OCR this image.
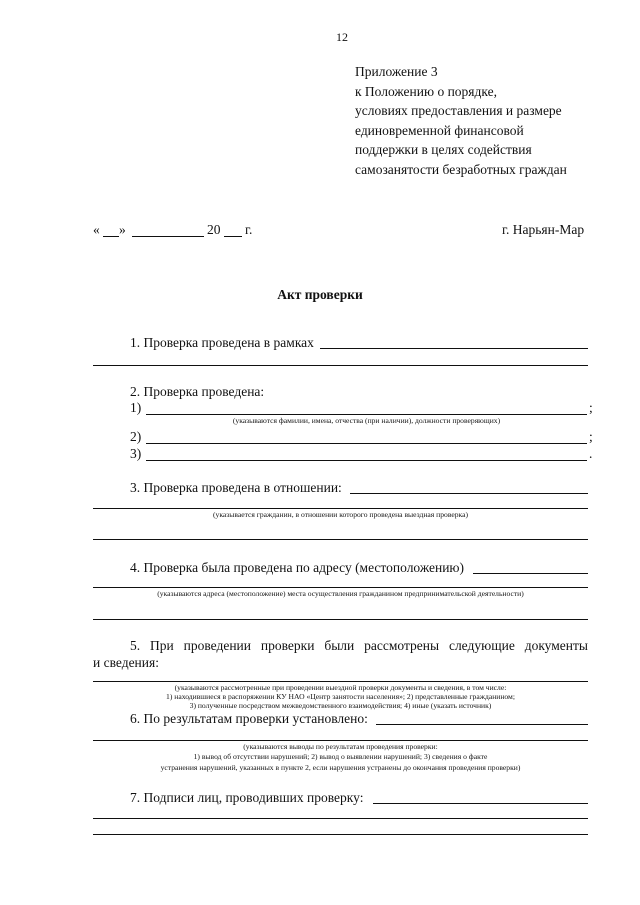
12
Приложение 3
к Положению о порядке,
условиях предоставления и размере
единовременной финансовой
поддержки в целях содействия
самозанятости безработных граждан
« »	20 г.	г. Нарьян-Мар
Акт проверки
1. Проверка проведена в рамках
2. Проверка проведена:
1)	;
(указываются фамилии, имена, отчества (при наличии), должности проверяющих)
2)	;
3)	.
3. Проверка проведена в отношении:
(указывается гражданин, в отношении которого проведена выездная проверка)
4. Проверка была проведена по адресу (местоположению)
(указываются адреса (местоположение) места осуществления гражданином предпринимательской деятельности)
5. При проведении проверки были рассмотрены следующие документы
и сведения:
(указываются рассмотренные при проведении выездной проверки документы и сведения, в том числе:
1) находившиеся в распоряжении КУ НАО «Центр занятости населения»; 2) представленные гражданином;
3) полученные посредством межведомственного взаимодействия; 4) иные (указать источник)
6. По результатам проверки установлено:
(указываются выводы по результатам проведения проверки:
1) вывод об отсутствии нарушений; 2) вывод о выявлении нарушений; 3) сведения о факте
устранения нарушений, указанных в пункте 2, если нарушения устранены до окончания проведения проверки)
7. Подписи лиц, проводивших проверку:
